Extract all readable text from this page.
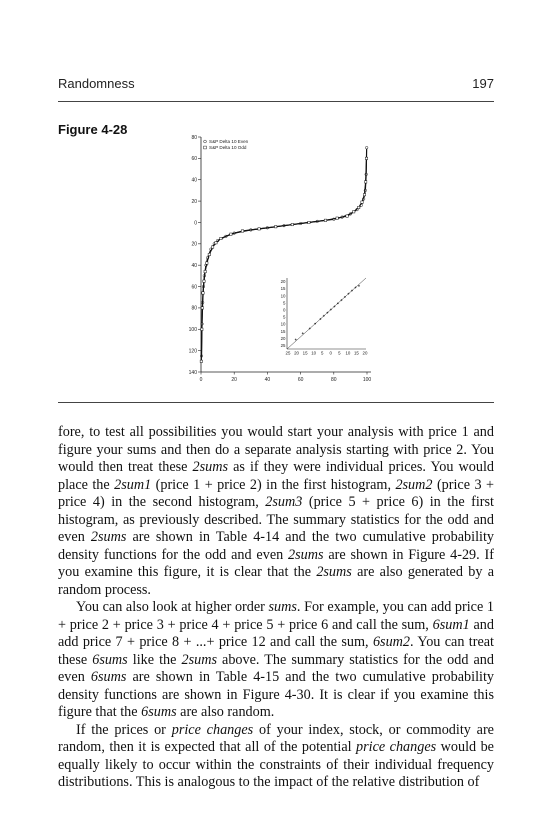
Randomness	197
Figure 4-28
80
60
40
20
0
20
40
60
80
100
120
140
0	20	40	60	80	100
S&P Delta 10 Even
S&P Delta 10 Odd
20
15
10
5
0
5
10
15
20
25
25 20 15 10 5 0 5 10 15 20

fore, to test all possibilities you would start your analysis with price 1 and figure your sums and then do a separate analysis starting with price 2. You would then treat these 2sums as if they were individual prices. You would place the 2sum1 (price 1 + price 2) in the first histogram, 2sum2 (price 3 + price 4) in the second histogram, 2sum3 (price 5 + price 6) in the first histogram, as previously described. The summary statistics for the odd and even 2sums are shown in Table 4-14 and the two cumulative probability density functions for the odd and even 2sums are shown in Figure 4-29. If you examine this figure, it is clear that the 2sums are also generated by a random process.

You can also look at higher order sums. For example, you can add price 1 + price 2 + price 3 + price 4 + price 5 + price 6 and call the sum, 6sum1 and add price 7 + price 8 + ...+ price 12 and call the sum, 6sum2. You can treat these 6sums like the 2sums above. The summary statistics for the odd and even 6sums are shown in Table 4-15 and the two cumulative probability density functions are shown in Figure 4-30. It is clear if you examine this figure that the 6sums are also random.

If the prices or price changes of your index, stock, or commodity are random, then it is expected that all of the potential price changes would be equally likely to occur within the constraints of their individual frequency distributions. This is analogous to the impact of the relative distribution of
